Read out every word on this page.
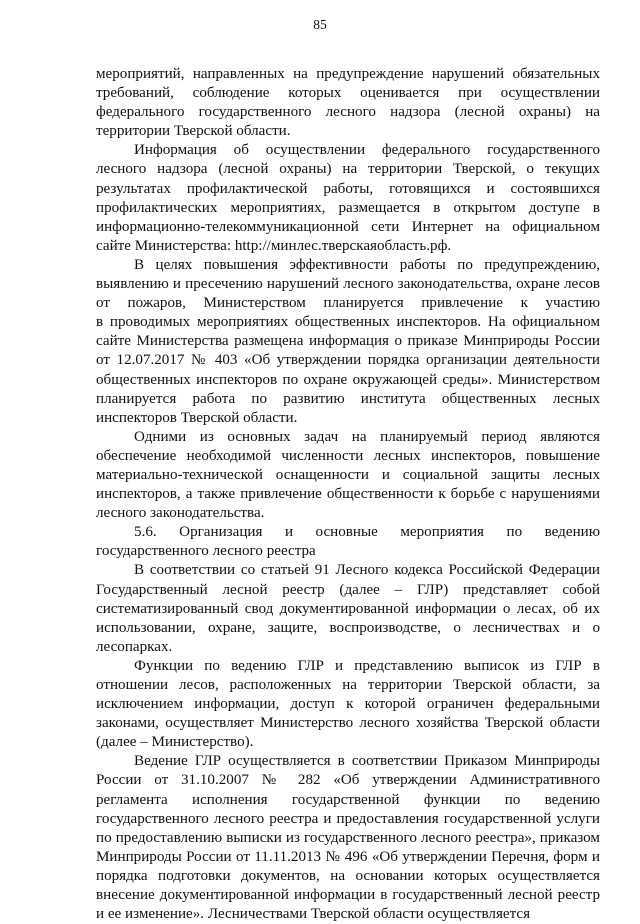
85
мероприятий, направленных на предупреждение нарушений обязательных
требований, соблюдение которых оценивается при осуществлении
федерального государственного лесного надзора (лесной охраны) на
территории Тверской области.
Информация об осуществлении федерального государственного
лесного надзора (лесной охраны) на территории Тверской, о текущих
результатах профилактической работы, готовящихся и состоявшихся
профилактических мероприятиях, размещается в открытом доступе в
информационно-телекоммуникационной сети Интернет на официальном
сайте Министерства: http://минлес.тверскаяобласть.рф.
В целях повышения эффективности работы по предупреждению,
выявлению и пресечению нарушений лесного законодательства, охране лесов
от пожаров, Министерством планируется привлечение к участию
в проводимых мероприятиях общественных инспекторов. На официальном
сайте Министерства размещена информация о приказе Минприроды России
от 12.07.2017 № 403 «Об утверждении порядка организации деятельности
общественных инспекторов по охране окружающей среды». Министерством
планируется работа по развитию института общественных лесных
инспекторов Тверской области.
Одними из основных задач на планируемый период являются
обеспечение необходимой численности лесных инспекторов, повышение
материально-технической оснащенности и социальной защиты лесных
инспекторов, а также привлечение общественности к борьбе с нарушениями
лесного законодательства.
5.6. Организация и основные мероприятия по ведению
государственного лесного реестра
В соответствии со статьей 91 Лесного кодекса Российской Федерации
Государственный лесной реестр (далее – ГЛР) представляет собой
систематизированный свод документированной информации о лесах, об их
использовании, охране, защите, воспроизводстве, о лесничествах и о
лесопарках.
Функции по ведению ГЛР и представлению выписок из ГЛР в
отношении лесов, расположенных на территории Тверской области, за
исключением информации, доступ к которой ограничен федеральными
законами, осуществляет Министерство лесного хозяйства Тверской области
(далее – Министерство).
Ведение ГЛР осуществляется в соответствии Приказом Минприроды
России от 31.10.2007 № 282 «Об утверждении Административного
регламента исполнения государственной функции по ведению
государственного лесного реестра и предоставления государственной услуги
по предоставлению выписки из государственного лесного реестра», приказом
Минприроды России от 11.11.2013 № 496 «Об утверждении Перечня, форм и
порядка подготовки документов, на основании которых осуществляется
внесение документированной информации в государственный лесной реестр
и ее изменение». Лесничествами Тверской области осуществляется
